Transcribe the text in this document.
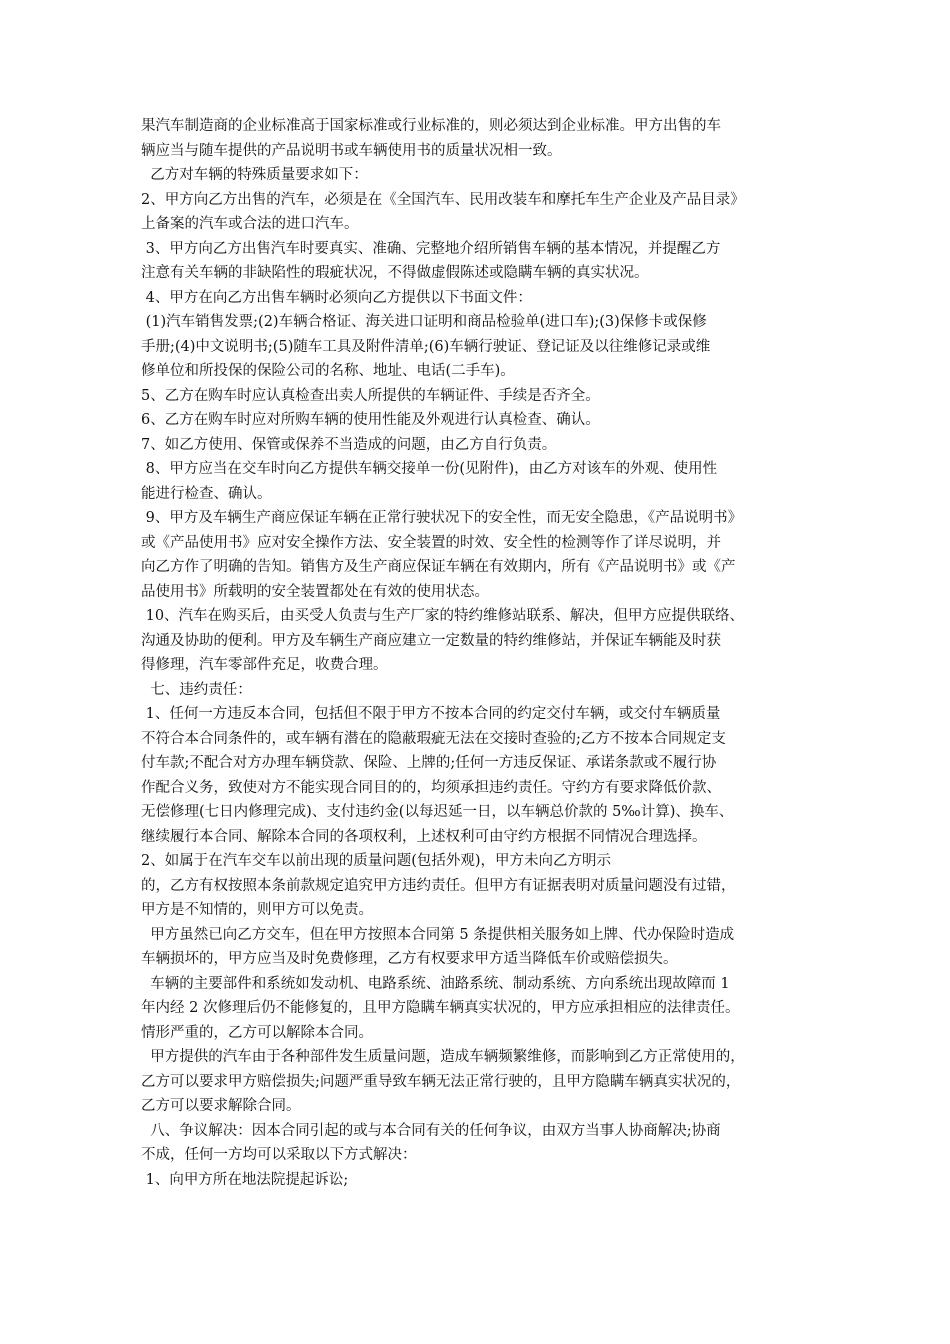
果汽车制造商的企业标准高于国家标准或行业标准的，则必须达到企业标准。甲方出售的车
辆应当与随车提供的产品说明书或车辆使用书的质量状况相一致。
乙方对车辆的特殊质量要求如下：
2、甲方向乙方出售的汽车，必须是在《全国汽车、民用改装车和摩托车生产企业及产品目录》
上备案的汽车或合法的进口汽车。
3、甲方向乙方出售汽车时要真实、准确、完整地介绍所销售车辆的基本情况，并提醒乙方
注意有关车辆的非缺陷性的瑕疵状况，不得做虚假陈述或隐瞒车辆的真实状况。
4、甲方在向乙方出售车辆时必须向乙方提供以下书面文件：
(1)汽车销售发票;(2)车辆合格证、海关进口证明和商品检验单(进口车);(3)保修卡或保修
手册;(4)中文说明书;(5)随车工具及附件清单;(6)车辆行驶证、登记证及以往维修记录或维
修单位和所投保的保险公司的名称、地址、电话(二手车)。
5、乙方在购车时应认真检查出卖人所提供的车辆证件、手续是否齐全。
6、乙方在购车时应对所购车辆的使用性能及外观进行认真检查、确认。
7、如乙方使用、保管或保养不当造成的问题，由乙方自行负责。
8、甲方应当在交车时向乙方提供车辆交接单一份(见附件)，由乙方对该车的外观、使用性
能进行检查、确认。
9、甲方及车辆生产商应保证车辆在正常行驶状况下的安全性，而无安全隐患，《产品说明书》
或《产品使用书》应对安全操作方法、安全装置的时效、安全性的检测等作了详尽说明，并
向乙方作了明确的告知。销售方及生产商应保证车辆在有效期内，所有《产品说明书》或《产
品使用书》所载明的安全装置都处在有效的使用状态。
10、汽车在购买后，由买受人负责与生产厂家的特约维修站联系、解决，但甲方应提供联络、
沟通及协助的便利。甲方及车辆生产商应建立一定数量的特约维修站，并保证车辆能及时获
得修理，汽车零部件充足，收费合理。
七、违约责任：
1、任何一方违反本合同，包括但不限于甲方不按本合同的约定交付车辆，或交付车辆质量
不符合本合同条件的，或车辆有潜在的隐蔽瑕疵无法在交接时查验的;乙方不按本合同规定支
付车款;不配合对方办理车辆贷款、保险、上牌的;任何一方违反保证、承诺条款或不履行协
作配合义务，致使对方不能实现合同目的的，均须承担违约责任。守约方有要求降低价款、
无偿修理(七日内修理完成)、支付违约金(以每迟延一日，以车辆总价款的 5‰计算)、换车、
继续履行本合同、解除本合同的各项权利，上述权利可由守约方根据不同情况合理选择。
2、如属于在汽车交车以前出现的质量问题(包括外观)，甲方未向乙方明示
的，乙方有权按照本条前款规定追究甲方违约责任。但甲方有证据表明对质量问题没有过错，
甲方是不知情的，则甲方可以免责。
甲方虽然已向乙方交车，但在甲方按照本合同第 5 条提供相关服务如上牌、代办保险时造成
车辆损坏的，甲方应当及时免费修理，乙方有权要求甲方适当降低车价或赔偿损失。
车辆的主要部件和系统如发动机、电路系统、油路系统、制动系统、方向系统出现故障而 1
年内经 2 次修理后仍不能修复的，且甲方隐瞒车辆真实状况的，甲方应承担相应的法律责任。
情形严重的，乙方可以解除本合同。
甲方提供的汽车由于各种部件发生质量问题，造成车辆频繁维修，而影响到乙方正常使用的，
乙方可以要求甲方赔偿损失;问题严重导致车辆无法正常行驶的，且甲方隐瞒车辆真实状况的，
乙方可以要求解除合同。
八、争议解决：因本合同引起的或与本合同有关的任何争议，由双方当事人协商解决;协商
不成，任何一方均可以采取以下方式解决：
1、向甲方所在地法院提起诉讼;
